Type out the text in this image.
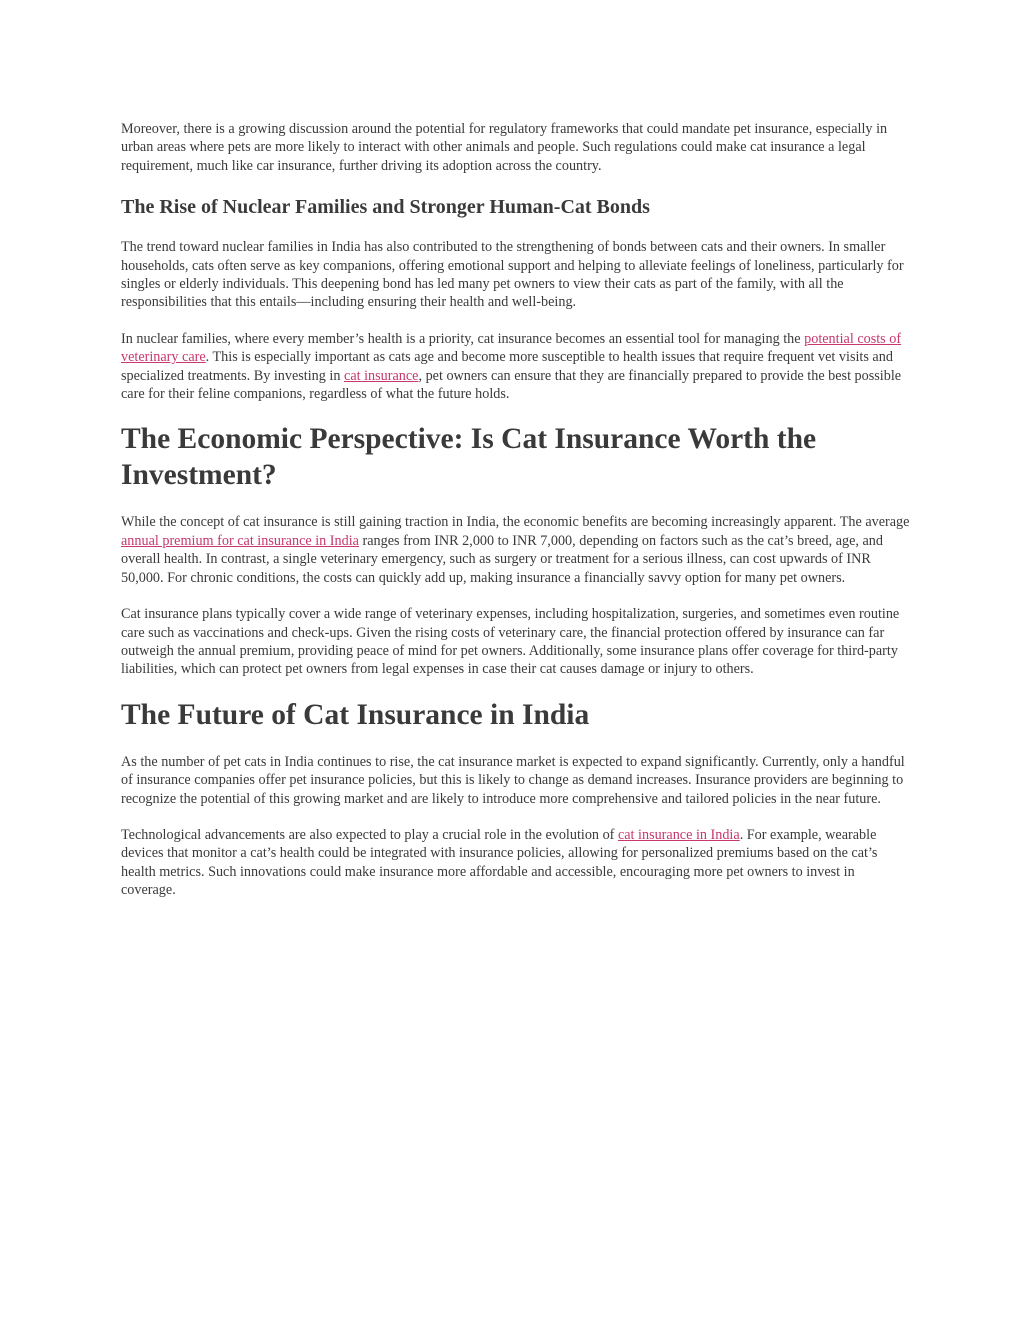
Moreover, there is a growing discussion around the potential for regulatory frameworks that could mandate pet insurance, especially in urban areas where pets are more likely to interact with other animals and people. Such regulations could make cat insurance a legal requirement, much like car insurance, further driving its adoption across the country.

The Rise of Nuclear Families and Stronger Human-Cat Bonds

The trend toward nuclear families in India has also contributed to the strengthening of bonds between cats and their owners. In smaller households, cats often serve as key companions, offering emotional support and helping to alleviate feelings of loneliness, particularly for singles or elderly individuals. This deepening bond has led many pet owners to view their cats as part of the family, with all the responsibilities that this entails—including ensuring their health and well-being.

In nuclear families, where every member’s health is a priority, cat insurance becomes an essential tool for managing the potential costs of veterinary care. This is especially important as cats age and become more susceptible to health issues that require frequent vet visits and specialized treatments. By investing in cat insurance, pet owners can ensure that they are financially prepared to provide the best possible care for their feline companions, regardless of what the future holds.

The Economic Perspective: Is Cat Insurance Worth the Investment?

While the concept of cat insurance is still gaining traction in India, the economic benefits are becoming increasingly apparent. The average annual premium for cat insurance in India ranges from INR 2,000 to INR 7,000, depending on factors such as the cat’s breed, age, and overall health. In contrast, a single veterinary emergency, such as surgery or treatment for a serious illness, can cost upwards of INR 50,000. For chronic conditions, the costs can quickly add up, making insurance a financially savvy option for many pet owners.

Cat insurance plans typically cover a wide range of veterinary expenses, including hospitalization, surgeries, and sometimes even routine care such as vaccinations and check-ups. Given the rising costs of veterinary care, the financial protection offered by insurance can far outweigh the annual premium, providing peace of mind for pet owners. Additionally, some insurance plans offer coverage for third-party liabilities, which can protect pet owners from legal expenses in case their cat causes damage or injury to others.

The Future of Cat Insurance in India

As the number of pet cats in India continues to rise, the cat insurance market is expected to expand significantly. Currently, only a handful of insurance companies offer pet insurance policies, but this is likely to change as demand increases. Insurance providers are beginning to recognize the potential of this growing market and are likely to introduce more comprehensive and tailored policies in the near future.

Technological advancements are also expected to play a crucial role in the evolution of cat insurance in India. For example, wearable devices that monitor a cat’s health could be integrated with insurance policies, allowing for personalized premiums based on the cat’s health metrics. Such innovations could make insurance more affordable and accessible, encouraging more pet owners to invest in coverage.
